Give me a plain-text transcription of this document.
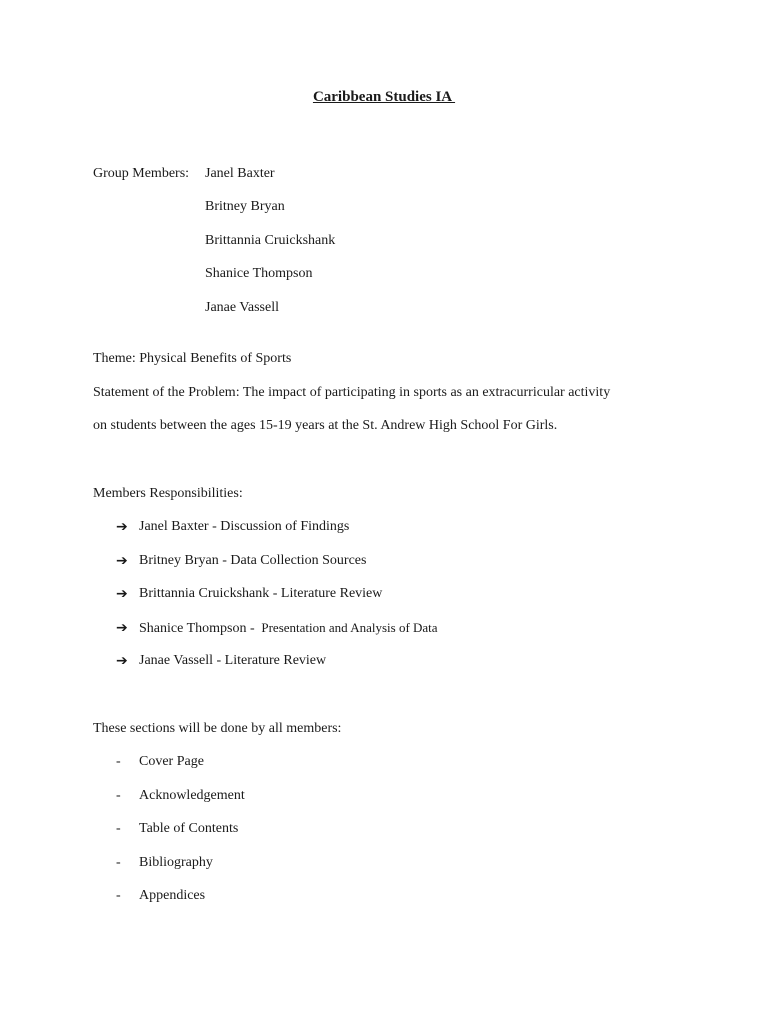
Caribbean Studies IA
Group Members: Janel Baxter
Britney Bryan
Brittannia Cruickshank
Shanice Thompson
Janae Vassell
Theme: Physical Benefits of Sports
Statement of the Problem: The impact of participating in sports as an extracurricular activity
on students between the ages 15-19 years at the St. Andrew High School For Girls.
Members Responsibilities:
➔ Janel Baxter - Discussion of Findings
➔ Britney Bryan - Data Collection Sources
➔ Brittannia Cruickshank - Literature Review
➔ Shanice Thompson -  Presentation and Analysis of Data
➔ Janae Vassell - Literature Review
These sections will be done by all members:
- Cover Page
- Acknowledgement
- Table of Contents
- Bibliography
- Appendices
